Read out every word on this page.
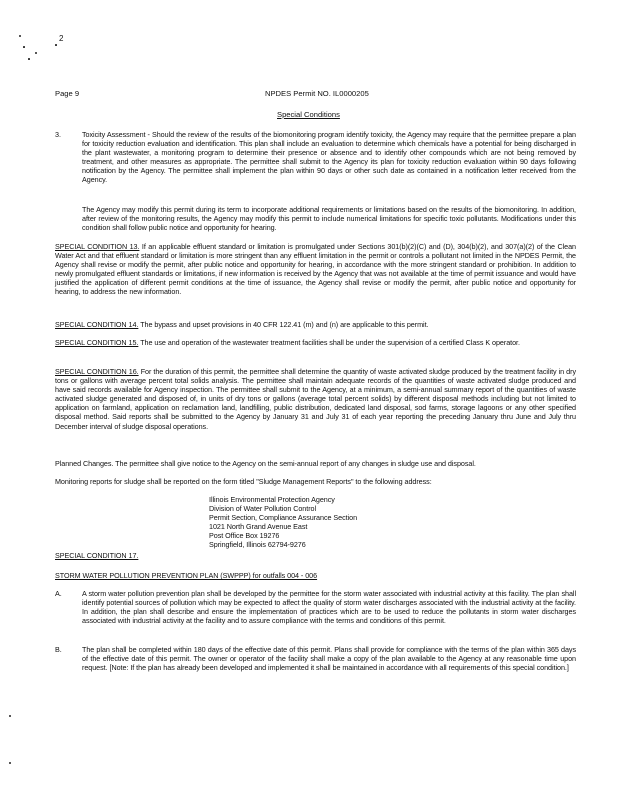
2
Page 9	NPDES Permit NO. IL0000205
Special Conditions
3.	Toxicity Assessment - Should the review of the results of the biomonitoring program identify toxicity, the Agency may require that the permittee prepare a plan for toxicity reduction evaluation and identification. This plan shall include an evaluation to determine which chemicals have a potential for being discharged in the plant wastewater, a monitoring program to determine their presence or absence and to identify other compounds which are not being removed by treatment, and other measures as appropriate. The permittee shall submit to the Agency its plan for toxicity reduction evaluation within 90 days following notification by the Agency. The permittee shall implement the plan within 90 days or other such date as contained in a notification letter received from the Agency.
The Agency may modify this permit during its term to incorporate additional requirements or limitations based on the results of the biomonitoring. In addition, after review of the monitoring results, the Agency may modify this permit to include numerical limitations for specific toxic pollutants. Modifications under this condition shall follow public notice and opportunity for hearing.
SPECIAL CONDITION 13. If an applicable effluent standard or limitation is promulgated under Sections 301(b)(2)(C) and (D), 304(b)(2), and 307(a)(2) of the Clean Water Act and that effluent standard or limitation is more stringent than any effluent limitation in the permit or controls a pollutant not limited in the NPDES Permit, the Agency shall revise or modify the permit, after public notice and opportunity for hearing, in accordance with the more stringent standard or prohibition. In addition to newly promulgated effluent standards or limitations, if new information is received by the Agency that was not available at the time of permit issuance and would have justified the application of different permit conditions at the time of issuance, the Agency shall revise or modify the permit, after public notice and opportunity for hearing, to address the new information.
SPECIAL CONDITION 14. The bypass and upset provisions in 40 CFR 122.41 (m) and (n) are applicable to this permit.
SPECIAL CONDITION 15. The use and operation of the wastewater treatment facilities shall be under the supervision of a certified Class K operator.
SPECIAL CONDITION 16. For the duration of this permit, the permittee shall determine the quantity of waste activated sludge produced by the treatment facility in dry tons or gallons with average percent total solids analysis. The permittee shall maintain adequate records of the quantities of waste activated sludge produced and have said records available for Agency inspection. The permittee shall submit to the Agency, at a minimum, a semi-annual summary report of the quantities of waste activated sludge generated and disposed of, in units of dry tons or gallons (average total percent solids) by different disposal methods including but not limited to application on farmland, application on reclamation land, landfilling, public distribution, dedicated land disposal, sod farms, storage lagoons or any other specified disposal method. Said reports shall be submitted to the Agency by January 31 and July 31 of each year reporting the preceding January thru June and July thru December interval of sludge disposal operations.
Planned Changes. The permittee shall give notice to the Agency on the semi-annual report of any changes in sludge use and disposal.
Monitoring reports for sludge shall be reported on the form titled "Sludge Management Reports" to the following address:
Illinois Environmental Protection Agency
Division of Water Pollution Control
Permit Section, Compliance Assurance Section
1021 North Grand Avenue East
Post Office Box 19276
Springfield, Illinois 62794-9276
SPECIAL CONDITION 17.
STORM WATER POLLUTION PREVENTION PLAN (SWPPP) for outfalls 004 - 006
A.	A storm water pollution prevention plan shall be developed by the permittee for the storm water associated with industrial activity at this facility. The plan shall identify potential sources of pollution which may be expected to affect the quality of storm water discharges associated with the industrial activity at the facility. In addition, the plan shall describe and ensure the implementation of practices which are to be used to reduce the pollutants in storm water discharges associated with industrial activity at the facility and to assure compliance with the terms and conditions of this permit.
B.	The plan shall be completed within 180 days of the effective date of this permit. Plans shall provide for compliance with the terms of the plan within 365 days of the effective date of this permit. The owner or operator of the facility shall make a copy of the plan available to the Agency at any reasonable time upon request. [Note: If the plan has already been developed and implemented it shall be maintained in accordance with all requirements of this special condition.]
